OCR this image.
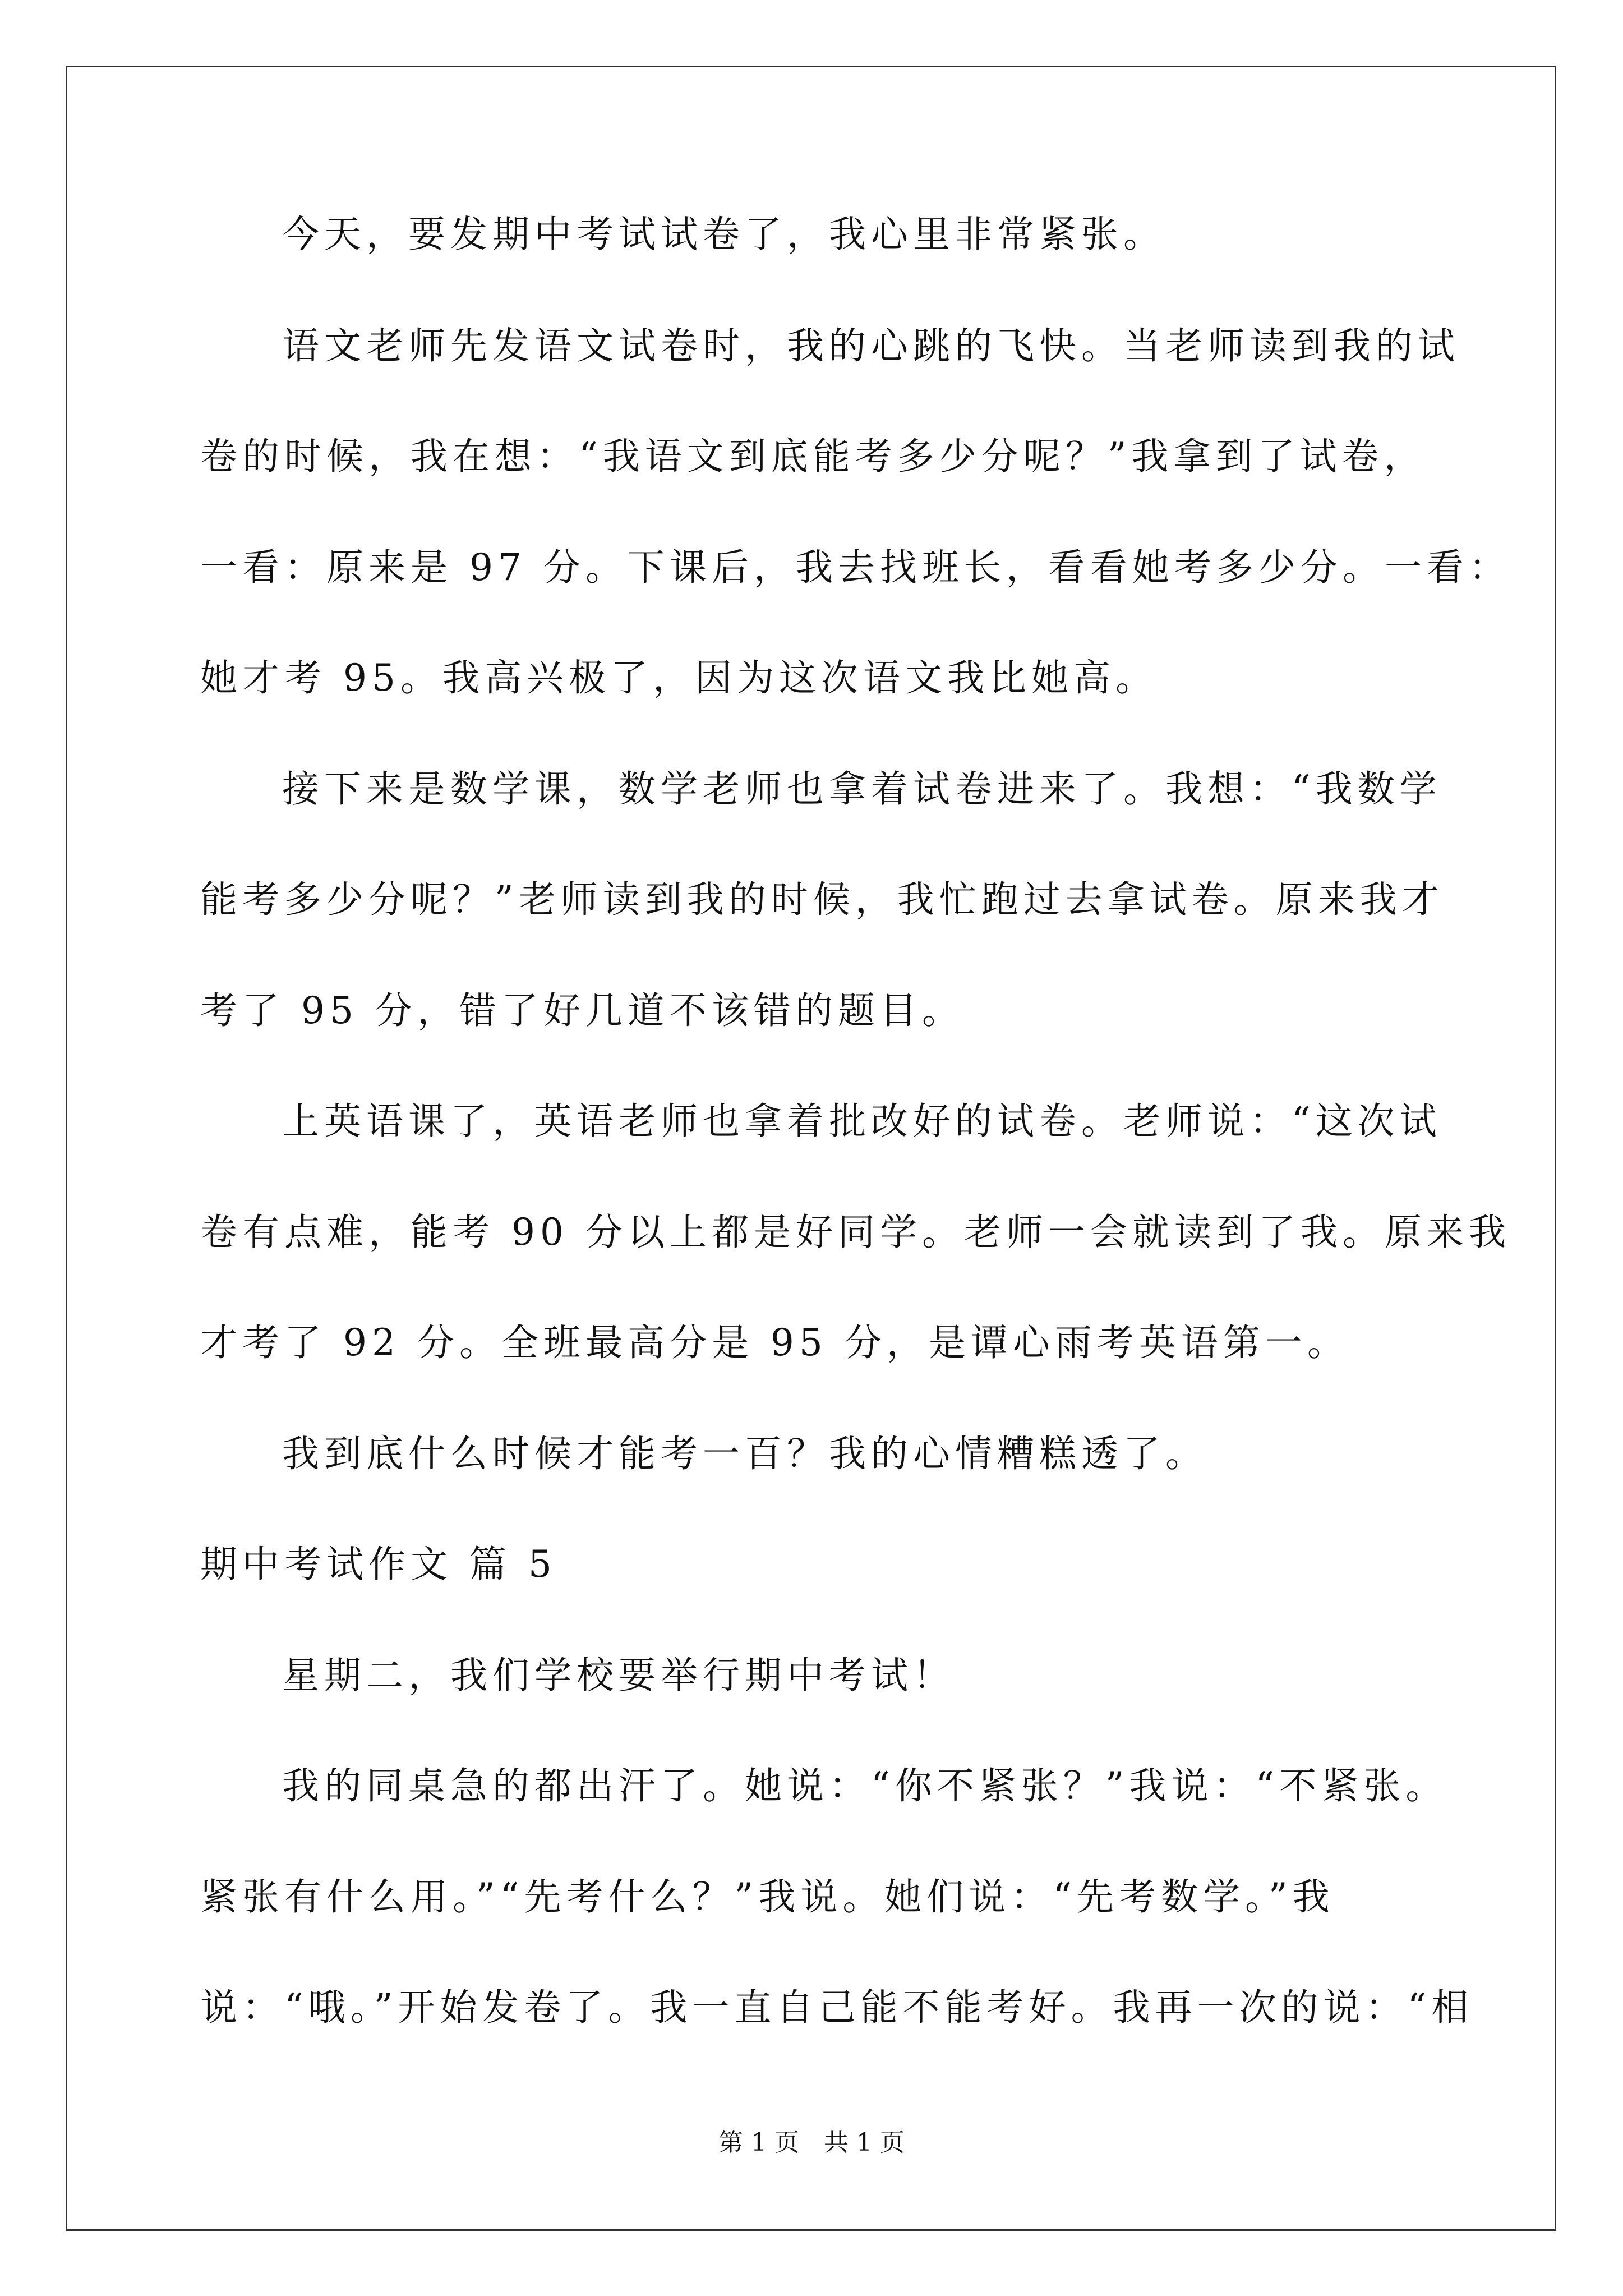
今天，要发期中考试试卷了，我心里非常紧张。
语文老师先发语文试卷时，我的心跳的飞快。当老师读到我的试
卷的时候，我在想：“我语文到底能考多少分呢？”我拿到了试卷，
一看：原来是 97 分。下课后，我去找班长，看看她考多少分。一看：
她才考 95。我高兴极了，因为这次语文我比她高。
接下来是数学课，数学老师也拿着试卷进来了。我想：“我数学
能考多少分呢？”老师读到我的时候，我忙跑过去拿试卷。原来我才
考了 95 分，错了好几道不该错的题目。
上英语课了，英语老师也拿着批改好的试卷。老师说：“这次试
卷有点难，能考 90 分以上都是好同学。老师一会就读到了我。原来我
才考了 92 分。全班最高分是 95 分，是谭心雨考英语第一。
我到底什么时候才能考一百？我的心情糟糕透了。
期中考试作文 篇 5
星期二，我们学校要举行期中考试！
我的同桌急的都出汗了。她说：“你不紧张？”我说：“不紧张。
紧张有什么用。”“先考什么？”我说。她们说：“先考数学。”我
说：“哦。”开始发卷了。我一直自己能不能考好。我再一次的说：“相
第 1 页　共 1 页
